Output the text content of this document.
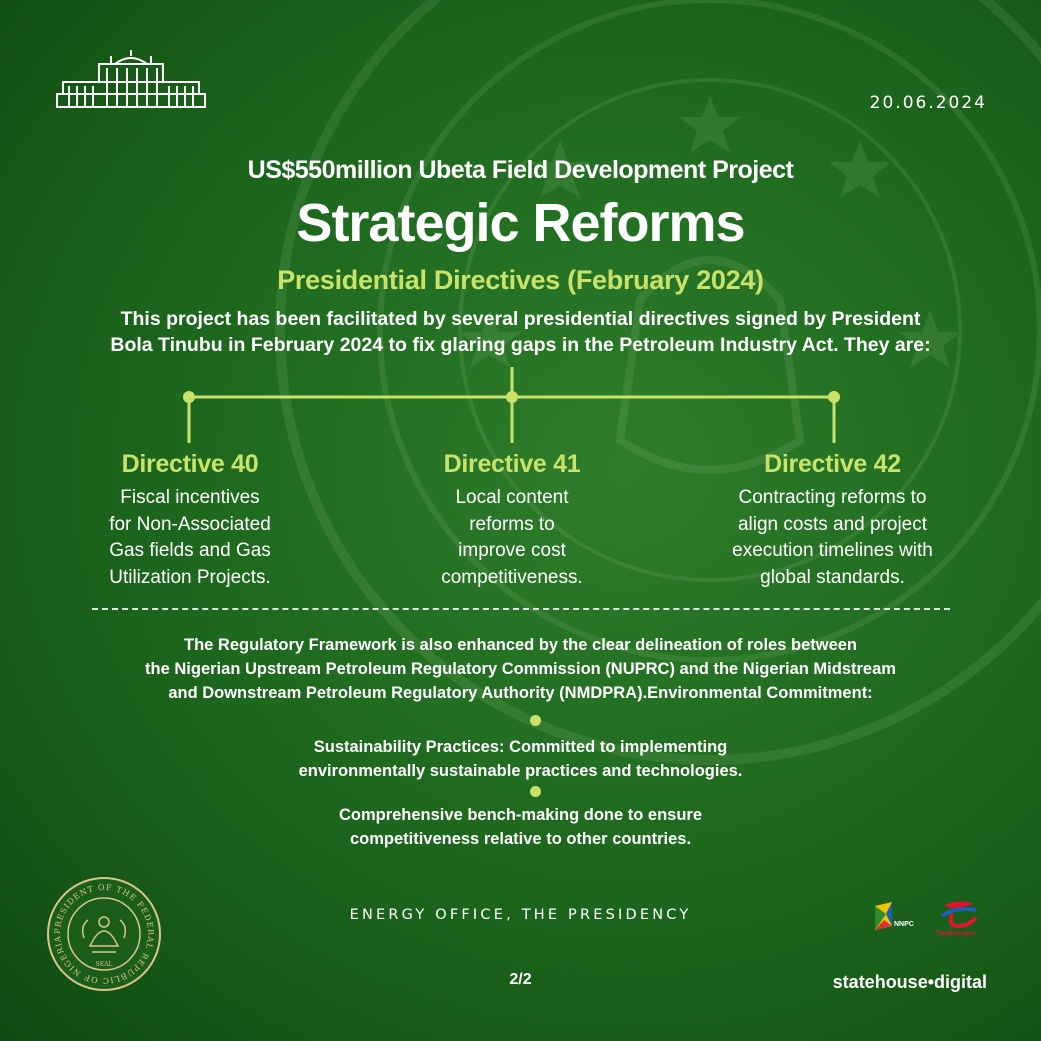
20.06.2024
US$550million Ubeta Field Development Project
Strategic Reforms
Presidential Directives (February 2024)
This project has been facilitated by several presidential directives signed by President
Bola Tinubu in February 2024 to fix glaring gaps in the Petroleum Industry Act. They are:
Directive 40

Fiscal incentives
for Non-Associated
Gas fields and Gas
Utilization Projects.

Directive 41

Local content
reforms to
improve cost
competitiveness.

Directive 42

Contracting reforms to
align costs and project
execution timelines with
global standards.

The Regulatory Framework is also enhanced by the clear delineation of roles between
the Nigerian Upstream Petroleum Regulatory Commission (NUPRC) and the Nigerian Midstream
and Downstream Petroleum Regulatory Authority (NMDPRA).Environmental Commitment:
Sustainability Practices: Committed to implementing
environmentally sustainable practices and technologies.
Comprehensive bench-making done to ensure
competitiveness relative to other countries.
PRESIDENT OF THE FEDERAL REPUBLIC OF NIGERIA
SEAL
ENERGY OFFICE, THE PRESIDENCY
NNPC
TotalEnergies
2/2	statehouse•digital
